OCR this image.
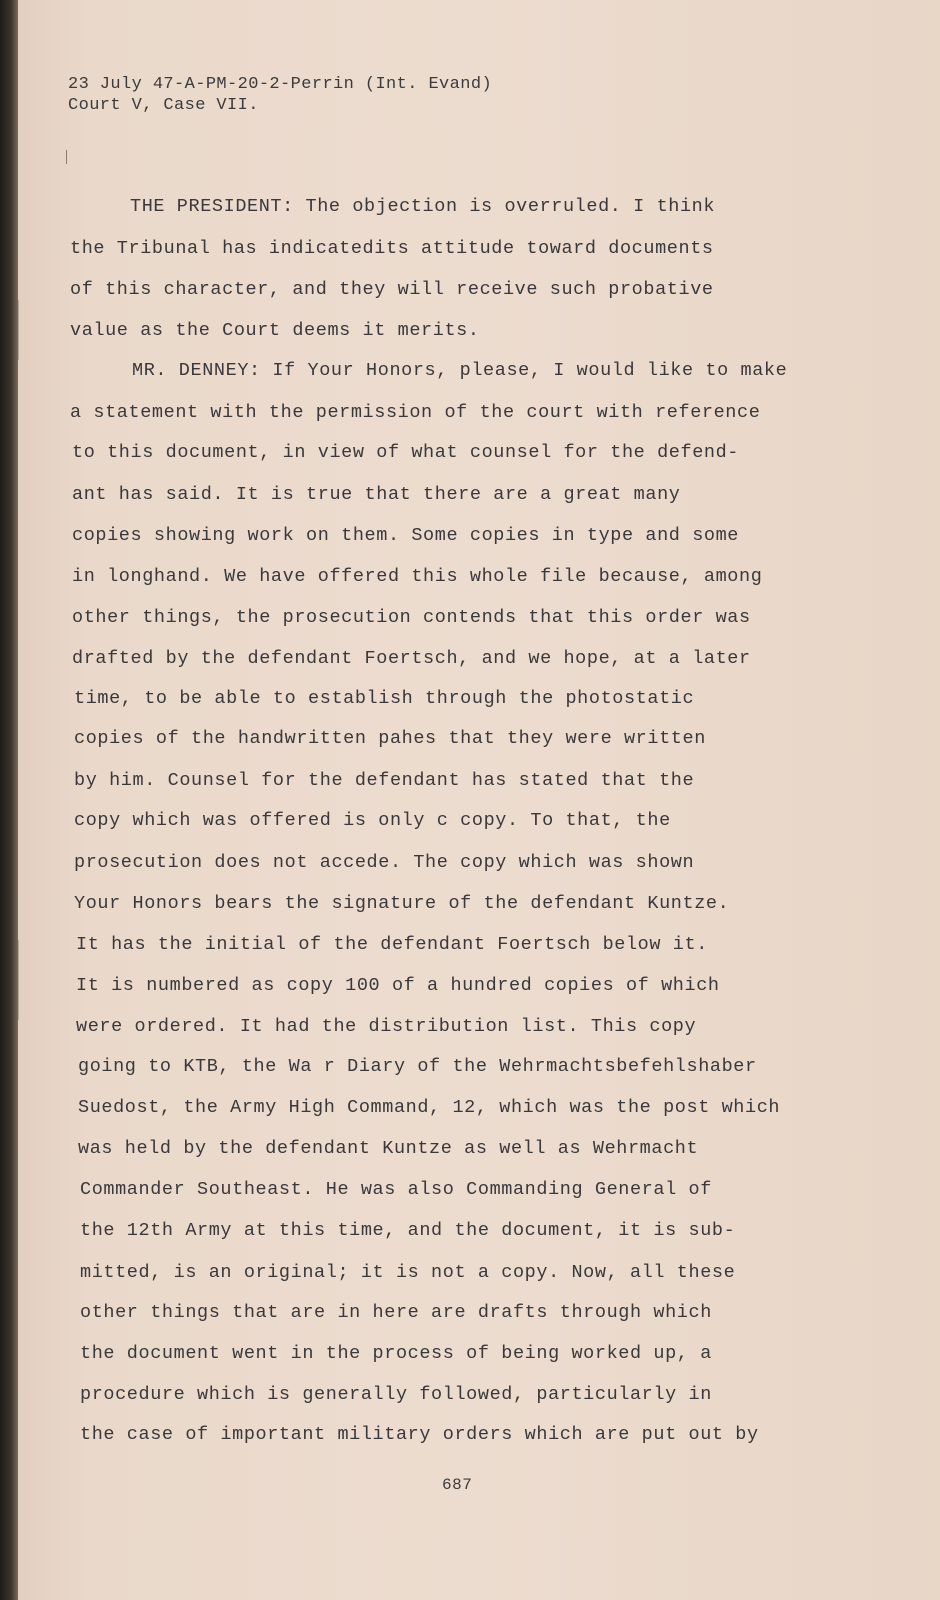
23 July 47-A-PM-20-2-Perrin (Int. Evand)
Court V, Case VII.
THE PRESIDENT: The objection is overruled. I think
the Tribunal has indicatedits attitude toward documents
of this character, and they will receive such probative
value as the Court deems it merits.
MR. DENNEY: If Your Honors, please, I would like to make
a statement with the permission of the court with reference
to this document, in view of what counsel for the defend-
ant has said. It is true that there are a great many
copies showing work on them. Some copies in type and some
in longhand. We have offered this whole file because, among
other things, the prosecution contends that this order was
drafted by the defendant Foertsch, and we hope, at a later
time, to be able to establish through the photostatic
copies of the handwritten pahes that they were written
by him. Counsel for the defendant has stated that the
copy which was offered is only c copy. To that, the
prosecution does not accede. The copy which was shown
Your Honors bears the signature of the defendant Kuntze.
It has the initial of the defendant Foertsch below it.
It is numbered as copy 100 of a hundred copies of which
were ordered. It had the distribution list. This copy
going to KTB, the Wa r Diary of the Wehrmachtsbefehlshaber
Suedost, the Army High Command, 12, which was the post which
was held by the defendant Kuntze as well as Wehrmacht
Commander Southeast. He was also Commanding General of
the 12th Army at this time, and the document, it is sub-
mitted, is an original; it is not a copy. Now, all these
other things that are in here are drafts through which
the document went in the process of being worked up, a
procedure which is generally followed, particularly in
the case of important military orders which are put out by
687
